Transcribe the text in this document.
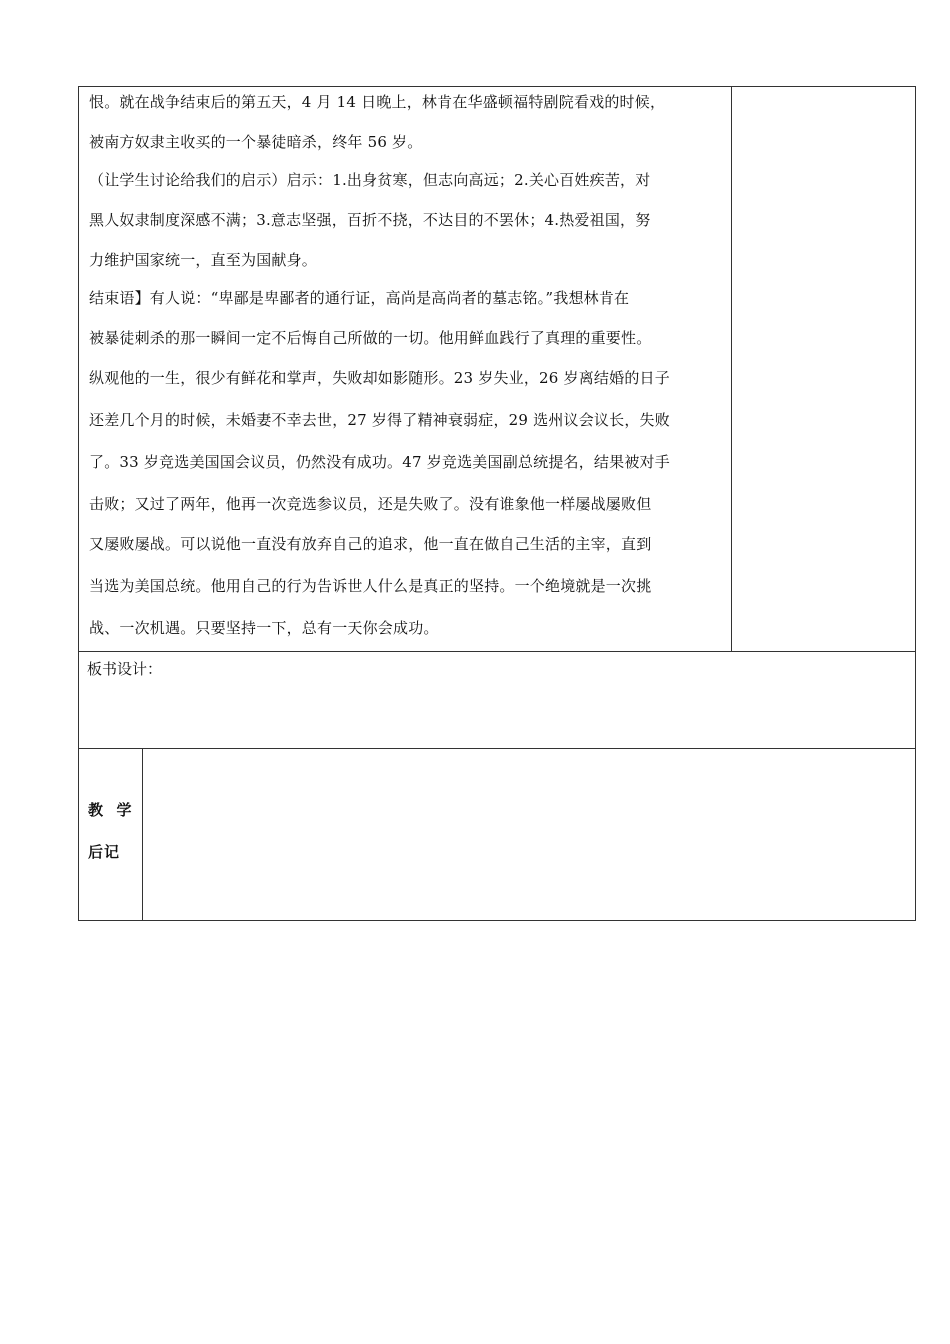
恨。就在战争结束后的第五天，4 月 14 日晚上，林肯在华盛顿福特剧院看戏的时候，
被南方奴隶主收买的一个暴徒暗杀，终年 56 岁。
（让学生讨论给我们的启示）启示：1.出身贫寒，但志向高远；2.关心百姓疾苦，对
黑人奴隶制度深感不满；3.意志坚强，百折不挠，不达目的不罢休；4.热爱祖国，努
力维护国家统一，直至为国献身。
结束语】有人说：“卑鄙是卑鄙者的通行证，高尚是高尚者的墓志铭。”我想林肯在
被暴徒刺杀的那一瞬间一定不后悔自己所做的一切。他用鲜血践行了真理的重要性。
纵观他的一生，很少有鲜花和掌声，失败却如影随形。23 岁失业，26 岁离结婚的日子
还差几个月的时候，未婚妻不幸去世，27 岁得了精神衰弱症，29 选州议会议长，失败
了。33 岁竞选美国国会议员，仍然没有成功。47 岁竞选美国副总统提名，结果被对手
击败；又过了两年，他再一次竞选参议员，还是失败了。没有谁象他一样屡战屡败但
又屡败屡战。可以说他一直没有放弃自己的追求，他一直在做自己生活的主宰，直到
当选为美国总统。他用自己的行为告诉世人什么是真正的坚持。一个绝境就是一次挑
战、一次机遇。只要坚持一下，总有一天你会成功。
板书设计：
教  学
后记
